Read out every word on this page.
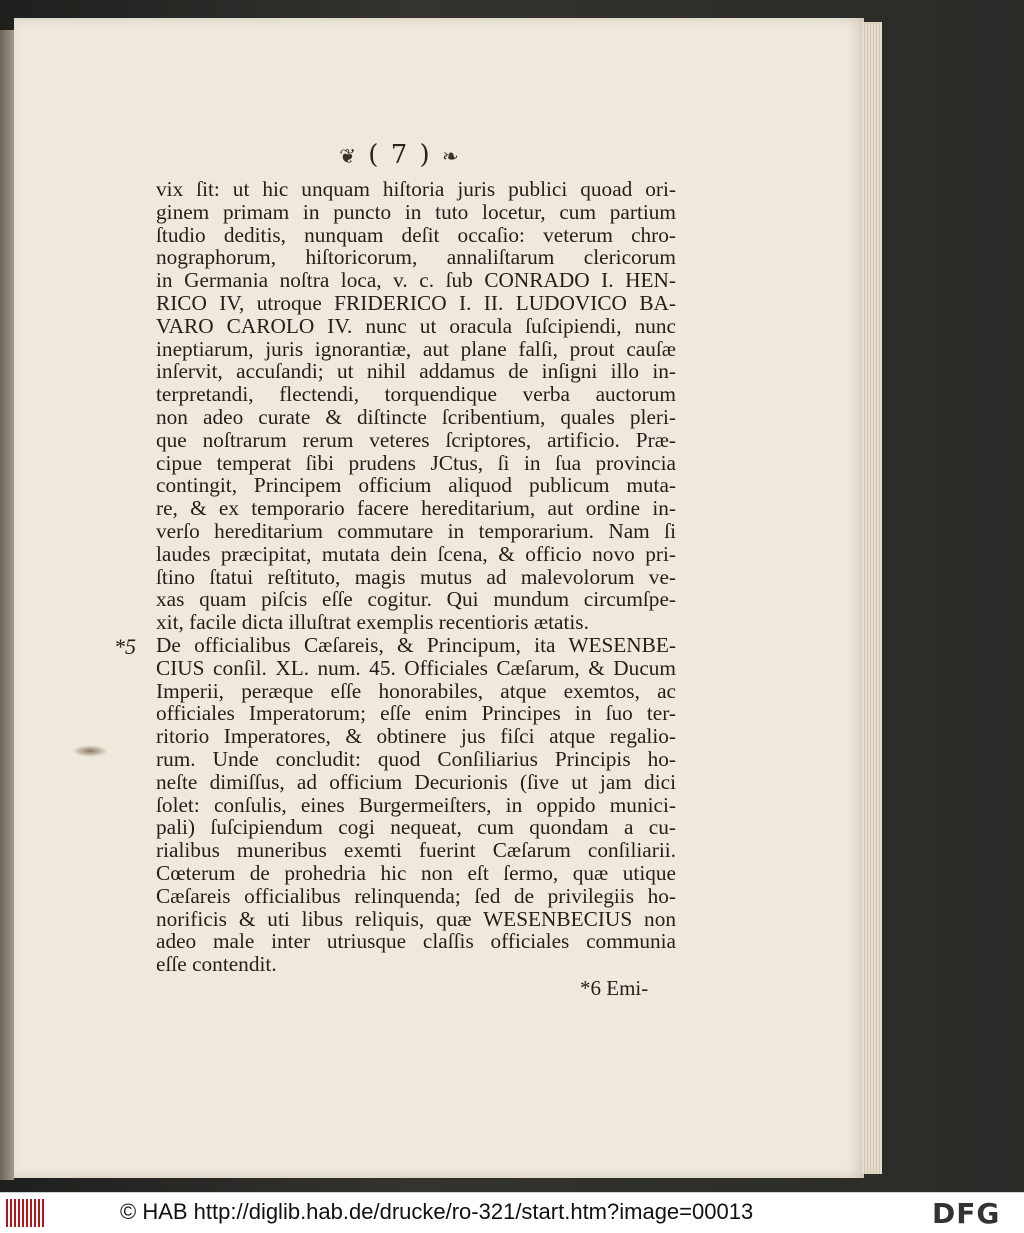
❦ ( 7 ) ❧
vix ſit: ut hic unquam hiſtoria juris publici quoad ori-
ginem primam in puncto in tuto locetur, cum partium
ſtudio deditis, nunquam deſit occaſio: veterum chro-
nographorum, hiſtoricorum, annaliſtarum clericorum
in Germania noſtra loca, v. c. ſub CONRADO I. HEN-
RICO IV, utroque FRIDERICO I. II. LUDOVICO BA-
VARO CAROLO IV. nunc ut oracula ſuſcipiendi, nunc
ineptiarum, juris ignorantiæ, aut plane falſi, prout cauſæ
inſervit, accuſandi; ut nihil addamus de inſigni illo in-
terpretandi, flectendi, torquendique verba auctorum
non adeo curate & diſtincte ſcribentium, quales pleri-
que noſtrarum rerum veteres ſcriptores, artificio. Præ-
cipue temperat ſibi prudens JCtus, ſi in ſua provincia
contingit, Principem officium aliquod publicum muta-
re, & ex temporario facere hereditarium, aut ordine in-
verſo hereditarium commutare in temporarium. Nam ſi
laudes præcipitat, mutata dein ſcena, & officio novo pri-
ſtino ſtatui reſtituto, magis mutus ad malevolorum ve-
xas quam piſcis eſſe cogitur. Qui mundum circumſpe-
xit, facile dicta illuſtrat exemplis recentioris ætatis.
De officialibus Cæſareis, & Principum, ita WESENBE-
CIUS conſil. XL. num. 45. Officiales Cæſarum, & Ducum
Imperii, peræque eſſe honorabiles, atque exemtos, ac
officiales Imperatorum; eſſe enim Principes in ſuo ter-
ritorio Imperatores, & obtinere jus fiſci atque regalio-
rum. Unde concludit: quod Conſiliarius Principis ho-
neſte dimiſſus, ad officium Decurionis (ſive ut jam dici
ſolet: conſulis, eines Burgermeiſters, in oppido munici-
pali) ſuſcipiendum cogi nequeat, cum quondam a cu-
rialibus muneribus exemti fuerint Cæſarum conſiliarii.
Cœterum de prohedria hic non eſt ſermo, quæ utique
Cæſareis officialibus relinquenda; ſed de privilegiis ho-
norificis & uti libus reliquis, quæ WESENBECIUS non
adeo male inter utriusque claſſis officiales communia
eſſe contendit.
*5
*6 Emi-
© HAB http://diglib.hab.de/drucke/ro-321/start.htm?image=00013	DFG
